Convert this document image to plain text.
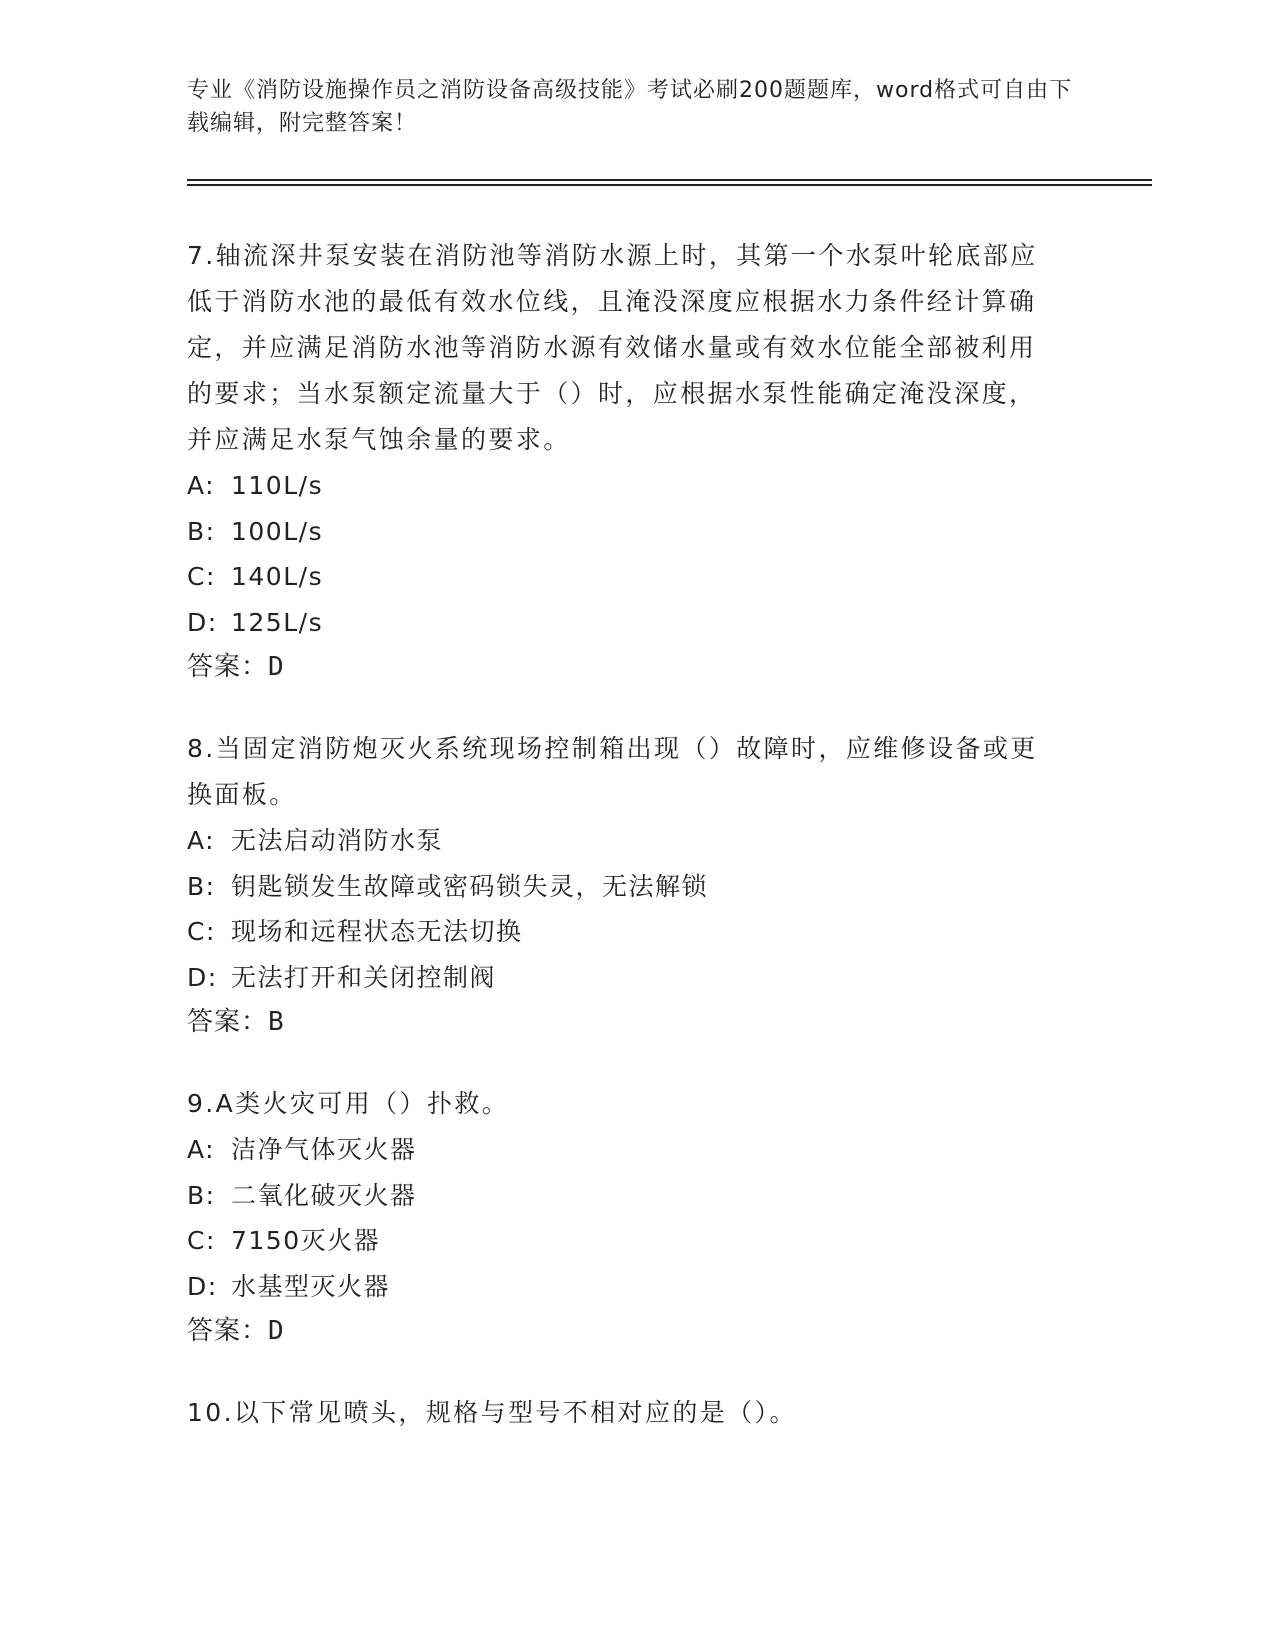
专业《消防设施操作员之消防设备高级技能》考试必刷200题题库，word格式可自由下载编辑，附完整答案！

7.轴流深井泵安装在消防池等消防水源上时，其第一个水泵叶轮底部应低于消防水池的最低有效水位线，且淹没深度应根据水力条件经计算确定，并应满足消防水池等消防水源有效储水量或有效水位能全部被利用的要求；当水泵额定流量大于（）时，应根据水泵性能确定淹没深度，并应满足水泵气蚀余量的要求。

A: 110L/s

B: 100L/s

C: 140L/s

D: 125L/s

答案：D

8.当固定消防炮灭火系统现场控制箱出现（）故障时，应维修设备或更换面板。

A: 无法启动消防水泵

B: 钥匙锁发生故障或密码锁失灵，无法解锁

C: 现场和远程状态无法切换

D: 无法打开和关闭控制阀

答案：B

9.A类火灾可用（）扑救。

A: 洁净气体灭火器

B: 二氧化破灭火器

C: 7150灭火器

D: 水基型灭火器

答案：D

10.以下常见喷头，规格与型号不相对应的是（）。
